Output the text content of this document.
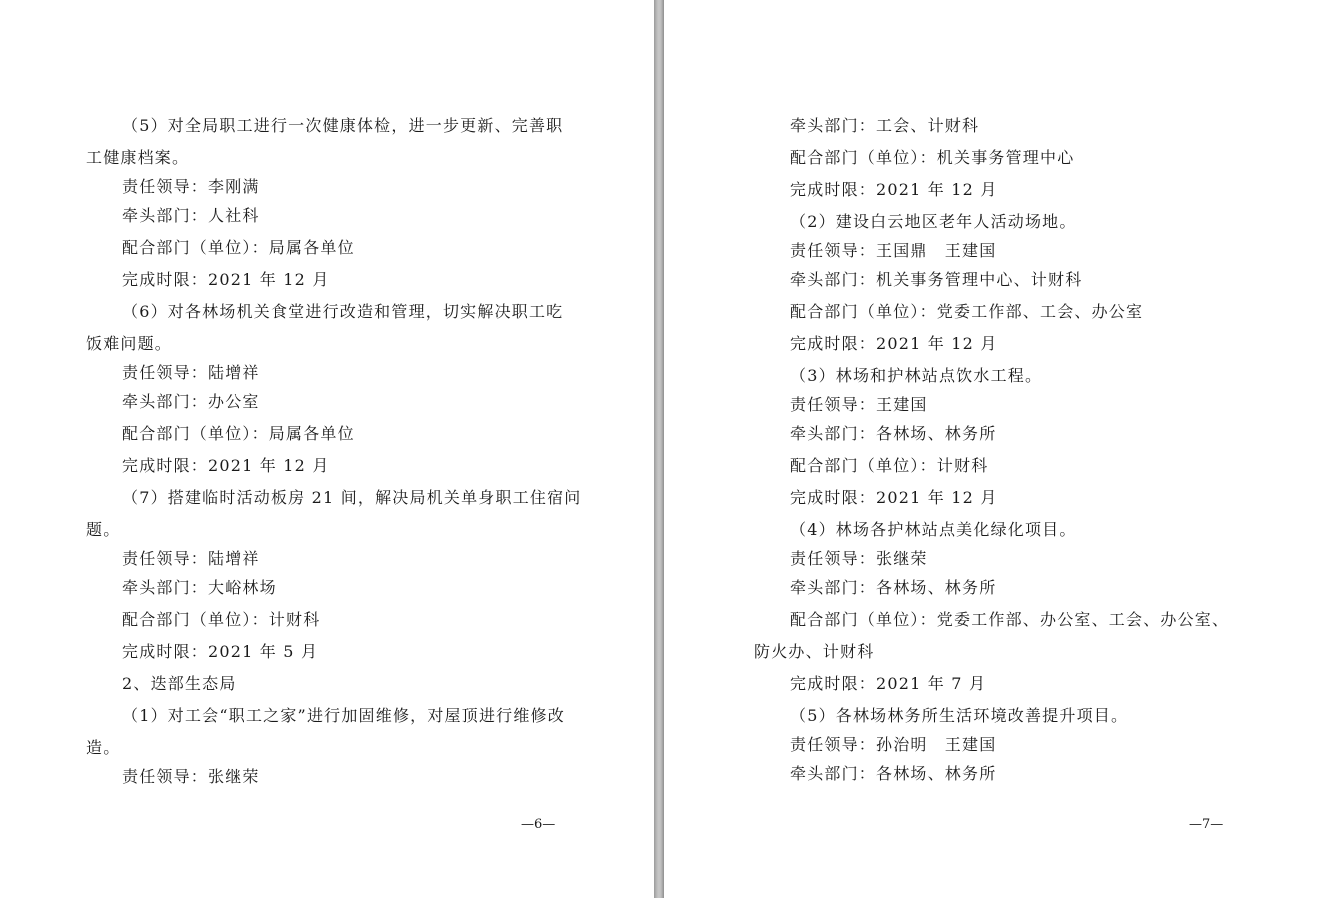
（5）对全局职工进行一次健康体检，进一步更新、完善职
工健康档案。
责任领导：李刚满
牵头部门：人社科
配合部门（单位）：局属各单位
完成时限：2021 年 12 月
（6）对各林场机关食堂进行改造和管理，切实解决职工吃
饭难问题。
责任领导：陆增祥
牵头部门：办公室
配合部门（单位）：局属各单位
完成时限：2021 年 12 月
（7）搭建临时活动板房 21 间，解决局机关单身职工住宿问
题。
责任领导：陆增祥
牵头部门：大峪林场
配合部门（单位）：计财科
完成时限：2021 年 5 月
2、迭部生态局
（1）对工会“职工之家”进行加固维修，对屋顶进行维修改
造。
责任领导：张继荣
—6—
牵头部门：工会、计财科
配合部门（单位）：机关事务管理中心
完成时限：2021 年 12 月
（2）建设白云地区老年人活动场地。
责任领导：王国鼎　王建国
牵头部门：机关事务管理中心、计财科
配合部门（单位）：党委工作部、工会、办公室
完成时限：2021 年 12 月
（3）林场和护林站点饮水工程。
责任领导：王建国
牵头部门：各林场、林务所
配合部门（单位）：计财科
完成时限：2021 年 12 月
（4）林场各护林站点美化绿化项目。
责任领导：张继荣
牵头部门：各林场、林务所
配合部门（单位）：党委工作部、办公室、工会、办公室、
防火办、计财科
完成时限：2021 年 7 月
（5）各林场林务所生活环境改善提升项目。
责任领导：孙治明　王建国
牵头部门：各林场、林务所
—7—
